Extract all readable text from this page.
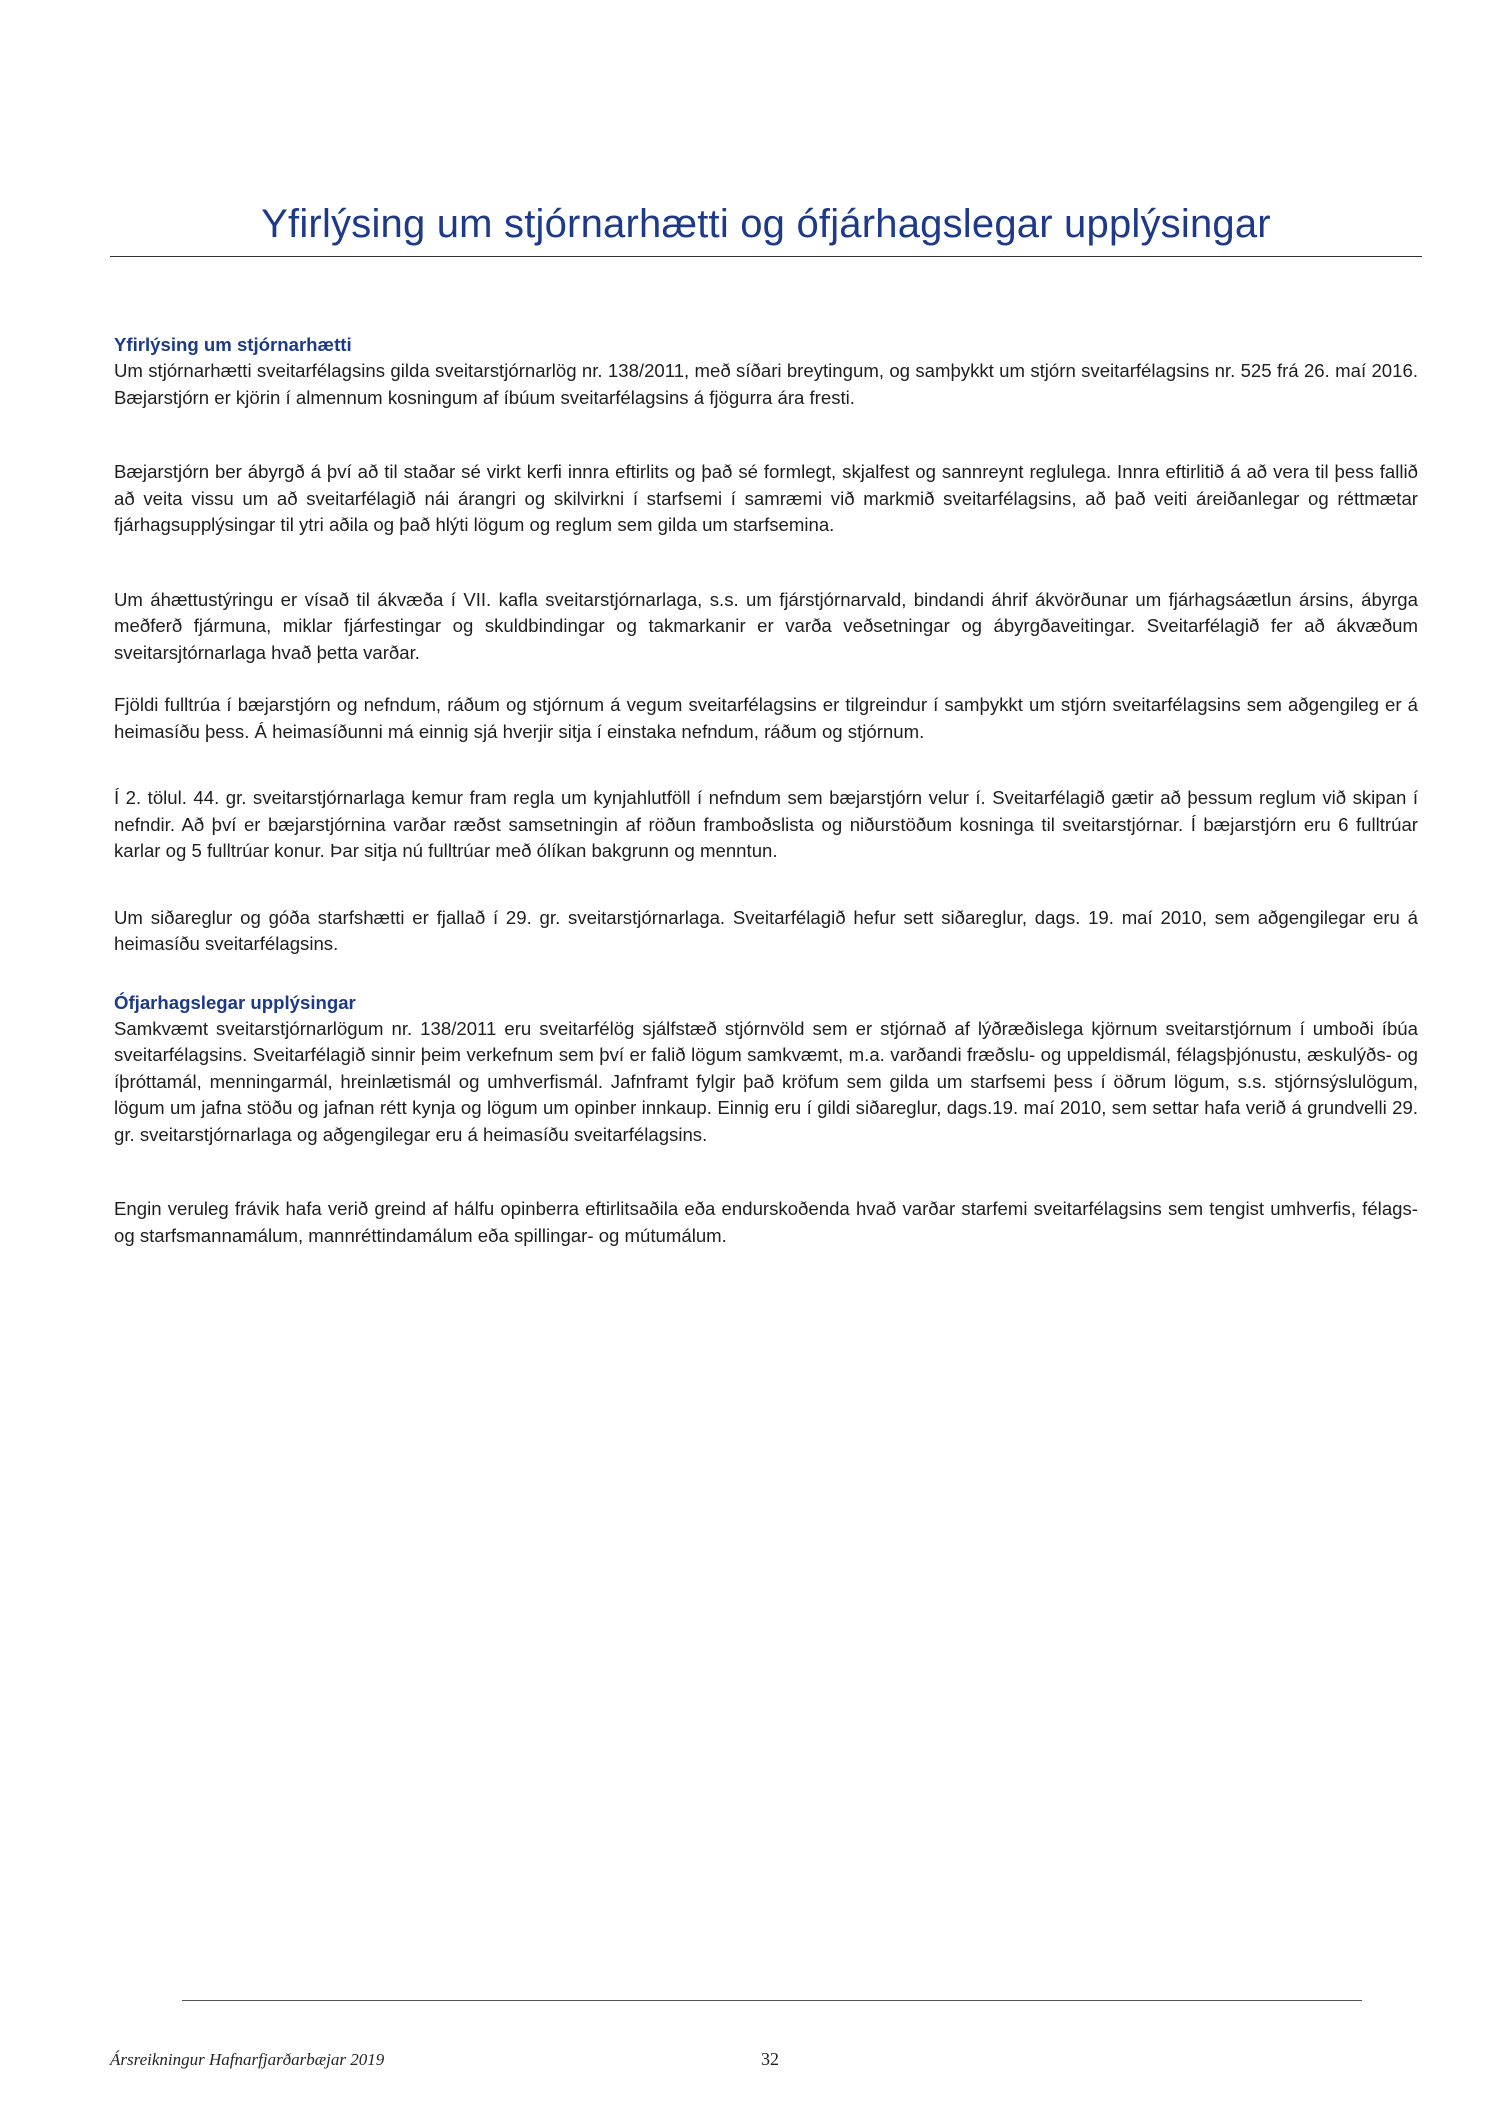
Yfirlýsing um stjórnarhætti og ófjárhagslegar upplýsingar
Yfirlýsing um stjórnarhætti

Um stjórnarhætti sveitarfélagsins gilda sveitarstjórnarlög nr. 138/2011, með síðari breytingum, og samþykkt um stjórn sveitarfélagsins nr. 525 frá 26. maí 2016. Bæjarstjórn er kjörin í almennum kosningum af íbúum sveitarfélagsins á fjögurra ára fresti.

Bæjarstjórn ber ábyrgð á því að til staðar sé virkt kerfi innra eftirlits og það sé formlegt, skjalfest og sannreynt reglulega. Innra eftirlitið á að vera til þess fallið að veita vissu um að sveitarfélagið nái árangri og skilvirkni í starfsemi í samræmi við markmið sveitarfélagsins, að það veiti áreiðanlegar og réttmætar fjárhagsupplýsingar til ytri aðila og það hlýti lögum og reglum sem gilda um starfsemina.

Um áhættustýringu er vísað til ákvæða í VII. kafla sveitarstjórnarlaga, s.s. um fjárstjórnarvald, bindandi áhrif ákvörðunar um fjárhagsáætlun ársins, ábyrga meðferð fjármuna, miklar fjárfestingar og skuldbindingar og takmarkanir er varða veðsetningar og ábyrgðaveitingar. Sveitarfélagið fer að ákvæðum sveitarsjtórnarlaga hvað þetta varðar.

Fjöldi fulltrúa í bæjarstjórn og nefndum, ráðum og stjórnum á vegum sveitarfélagsins er tilgreindur í samþykkt um stjórn sveitarfélagsins sem aðgengileg er á heimasíðu þess. Á heimasíðunni má einnig sjá hverjir sitja í einstaka nefndum, ráðum og stjórnum.

Í 2. tölul. 44. gr. sveitarstjórnarlaga kemur fram regla um kynjahlutföll í nefndum sem bæjarstjórn velur í. Sveitarfélagið gætir að þessum reglum við skipan í nefndir. Að því er bæjarstjórnina varðar ræðst samsetningin af röðun framboðslista og niðurstöðum kosninga til sveitarstjórnar. Í bæjarstjórn eru 6 fulltrúar karlar og 5 fulltrúar konur. Þar sitja nú fulltrúar með ólíkan bakgrunn og menntun.

Um siðareglur og góða starfshætti er fjallað í 29. gr. sveitarstjórnarlaga. Sveitarfélagið hefur sett siðareglur, dags. 19. maí 2010, sem aðgengilegar eru á heimasíðu sveitarfélagsins.

Ófjarhagslegar upplýsingar

Samkvæmt sveitarstjórnarlögum nr. 138/2011 eru sveitarfélög sjálfstæð stjórnvöld sem er stjórnað af lýðræðislega kjörnum sveitarstjórnum í umboði íbúa sveitarfélagsins. Sveitarfélagið sinnir þeim verkefnum sem því er falið lögum samkvæmt, m.a. varðandi fræðslu- og uppeldismál, félagsþjónustu, æskulýðs- og íþróttamál, menningarmál, hreinlætismál og umhverfismál. Jafnframt fylgir það kröfum sem gilda um starfsemi þess í öðrum lögum, s.s. stjórnsýslulögum, lögum um jafna stöðu og jafnan rétt kynja og lögum um opinber innkaup. Einnig eru í gildi siðareglur, dags.19. maí 2010, sem settar hafa verið á grundvelli 29. gr. sveitarstjórnarlaga og aðgengilegar eru á heimasíðu sveitarfélagsins.

Engin veruleg frávik hafa verið greind af hálfu opinberra eftirlitsaðila eða endurskoðenda hvað varðar starfemi sveitarfélagsins sem tengist umhverfis, félags- og starfsmannamálum, mannréttindamálum eða spillingar- og mútumálum.

Ársreikningur Hafnarfjarðarbæjar 2019	32
